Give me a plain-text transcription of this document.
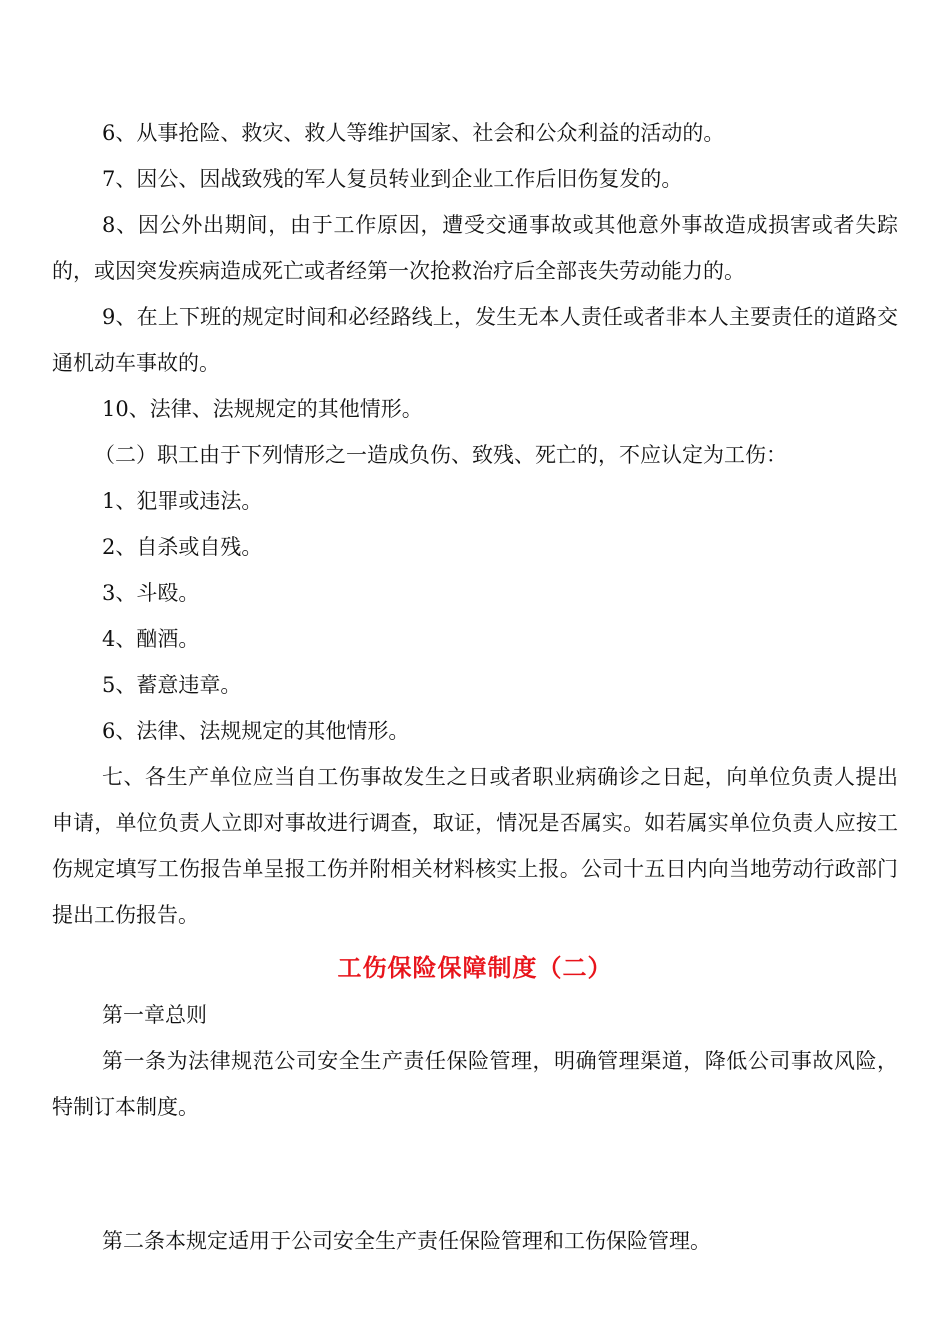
6、从事抢险、救灾、救人等维护国家、社会和公众利益的活动的。

7、因公、因战致残的军人复员转业到企业工作后旧伤复发的。

8、因公外出期间，由于工作原因，遭受交通事故或其他意外事故造成损害或者失踪的，或因突发疾病造成死亡或者经第一次抢救治疗后全部丧失劳动能力的。

9、在上下班的规定时间和必经路线上，发生无本人责任或者非本人主要责任的道路交通机动车事故的。

10、法律、法规规定的其他情形。

（二）职工由于下列情形之一造成负伤、致残、死亡的，不应认定为工伤：

1、犯罪或违法。

2、自杀或自残。

3、斗殴。

4、酗酒。

5、蓄意违章。

6、法律、法规规定的其他情形。

七、各生产单位应当自工伤事故发生之日或者职业病确诊之日起，向单位负责人提出申请，单位负责人立即对事故进行调查，取证，情况是否属实。如若属实单位负责人应按工伤规定填写工伤报告单呈报工伤并附相关材料核实上报。公司十五日内向当地劳动行政部门提出工伤报告。

工伤保险保障制度（二）

第一章总则

第一条为法律规范公司安全生产责任保险管理，明确管理渠道，降低公司事故风险，特制订本制度。

第二条本规定适用于公司安全生产责任保险管理和工伤保险管理。
